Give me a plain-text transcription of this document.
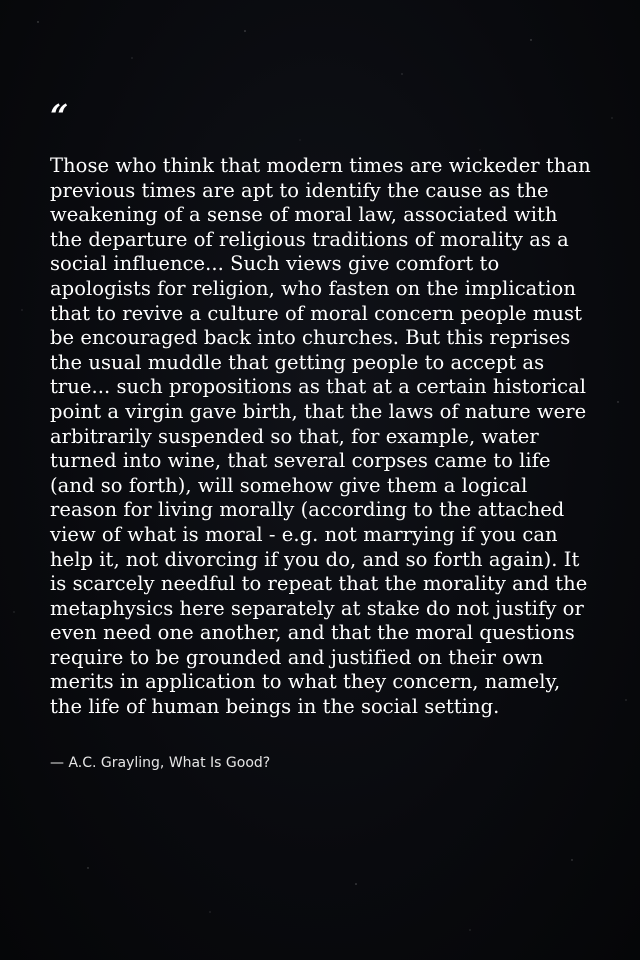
“
Those who think that modern times are wickeder than previous times are apt to identify the cause as the weakening of a sense of moral law, associated with the departure of religious traditions of morality as a social influence... Such views give comfort to apologists for religion, who fasten on the implication that to revive a culture of moral concern people must be encouraged back into churches. But this reprises the usual muddle that getting people to accept as true... such propositions as that at a certain historical point a virgin gave birth, that the laws of nature were arbitrarily suspended so that, for example, water turned into wine, that several corpses came to life (and so forth), will somehow give them a logical reason for living morally (according to the attached view of what is moral - e.g. not marrying if you can help it, not divorcing if you do, and so forth again). It is scarcely needful to repeat that the morality and the metaphysics here separately at stake do not justify or even need one another, and that the moral questions require to be grounded and justified on their own merits in application to what they concern, namely, the life of human beings in the social setting.
— A.C. Grayling, What Is Good?
